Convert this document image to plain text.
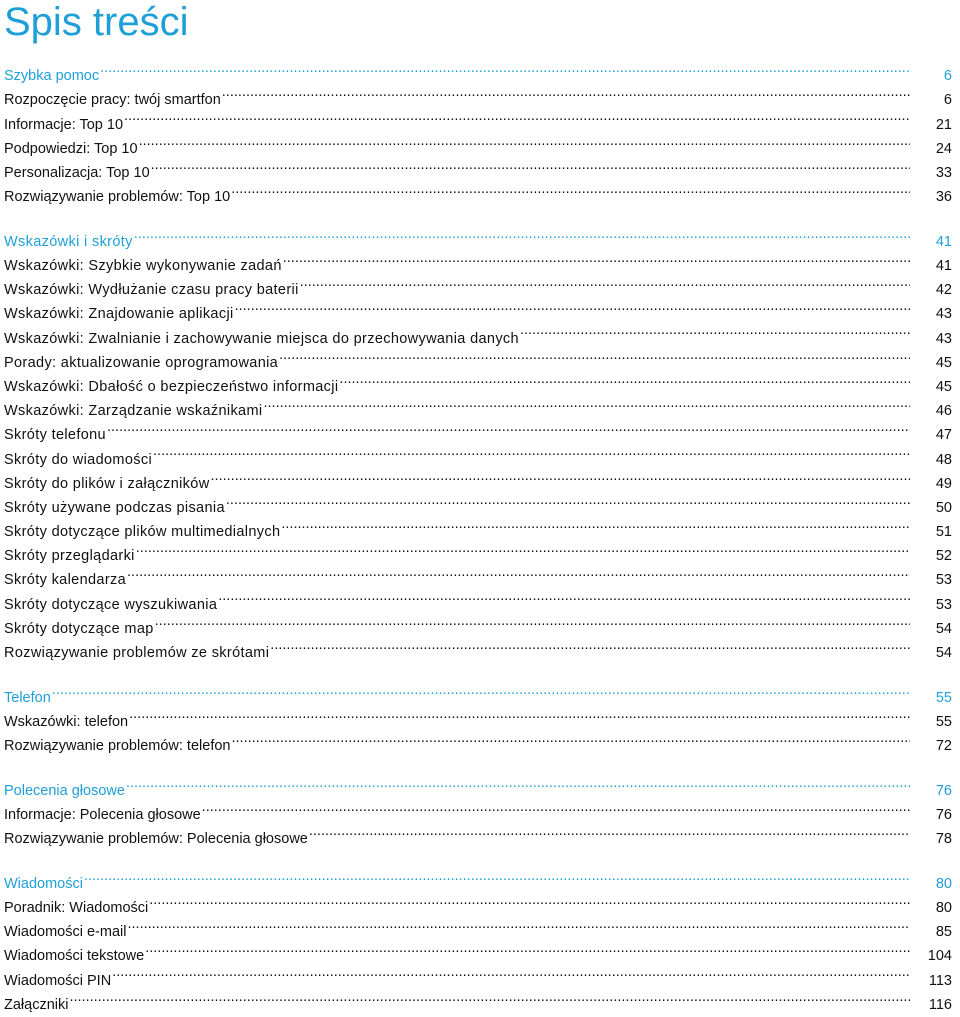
Spis treści
Szybka pomoc .....	6
Rozpoczęcie pracy: twój smartfon .....	6
Informacje: Top 10 .....	21
Podpowiedzi: Top 10 .....	24
Personalizacja: Top 10 .....	33
Rozwiązywanie problemów: Top 10 .....	36
Wskazówki i skróty .....	41
Wskazówki: Szybkie wykonywanie zadań .....	41
Wskazówki: Wydłużanie czasu pracy baterii .....	42
Wskazówki: Znajdowanie aplikacji .....	43
Wskazówki: Zwalnianie i zachowywanie miejsca do przechowywania danych .....	43
Porady: aktualizowanie oprogramowania .....	45
Wskazówki: Dbałość o bezpieczeństwo informacji .....	45
Wskazówki: Zarządzanie wskaźnikami .....	46
Skróty telefonu .....	47
Skróty do wiadomości .....	48
Skróty do plików i załączników .....	49
Skróty używane podczas pisania .....	50
Skróty dotyczące plików multimedialnych .....	51
Skróty przeglądarki .....	52
Skróty kalendarza .....	53
Skróty dotyczące wyszukiwania .....	53
Skróty dotyczące map .....	54
Rozwiązywanie problemów ze skrótami .....	54
Telefon .....	55
Wskazówki: telefon .....	55
Rozwiązywanie problemów: telefon .....	72
Polecenia głosowe .....	76
Informacje: Polecenia głosowe .....	76
Rozwiązywanie problemów: Polecenia głosowe .....	78
Wiadomości .....	80
Poradnik: Wiadomości .....	80
Wiadomości e-mail .....	85
Wiadomości tekstowe .....	104
Wiadomości PIN .....	113
Załączniki .....	116
